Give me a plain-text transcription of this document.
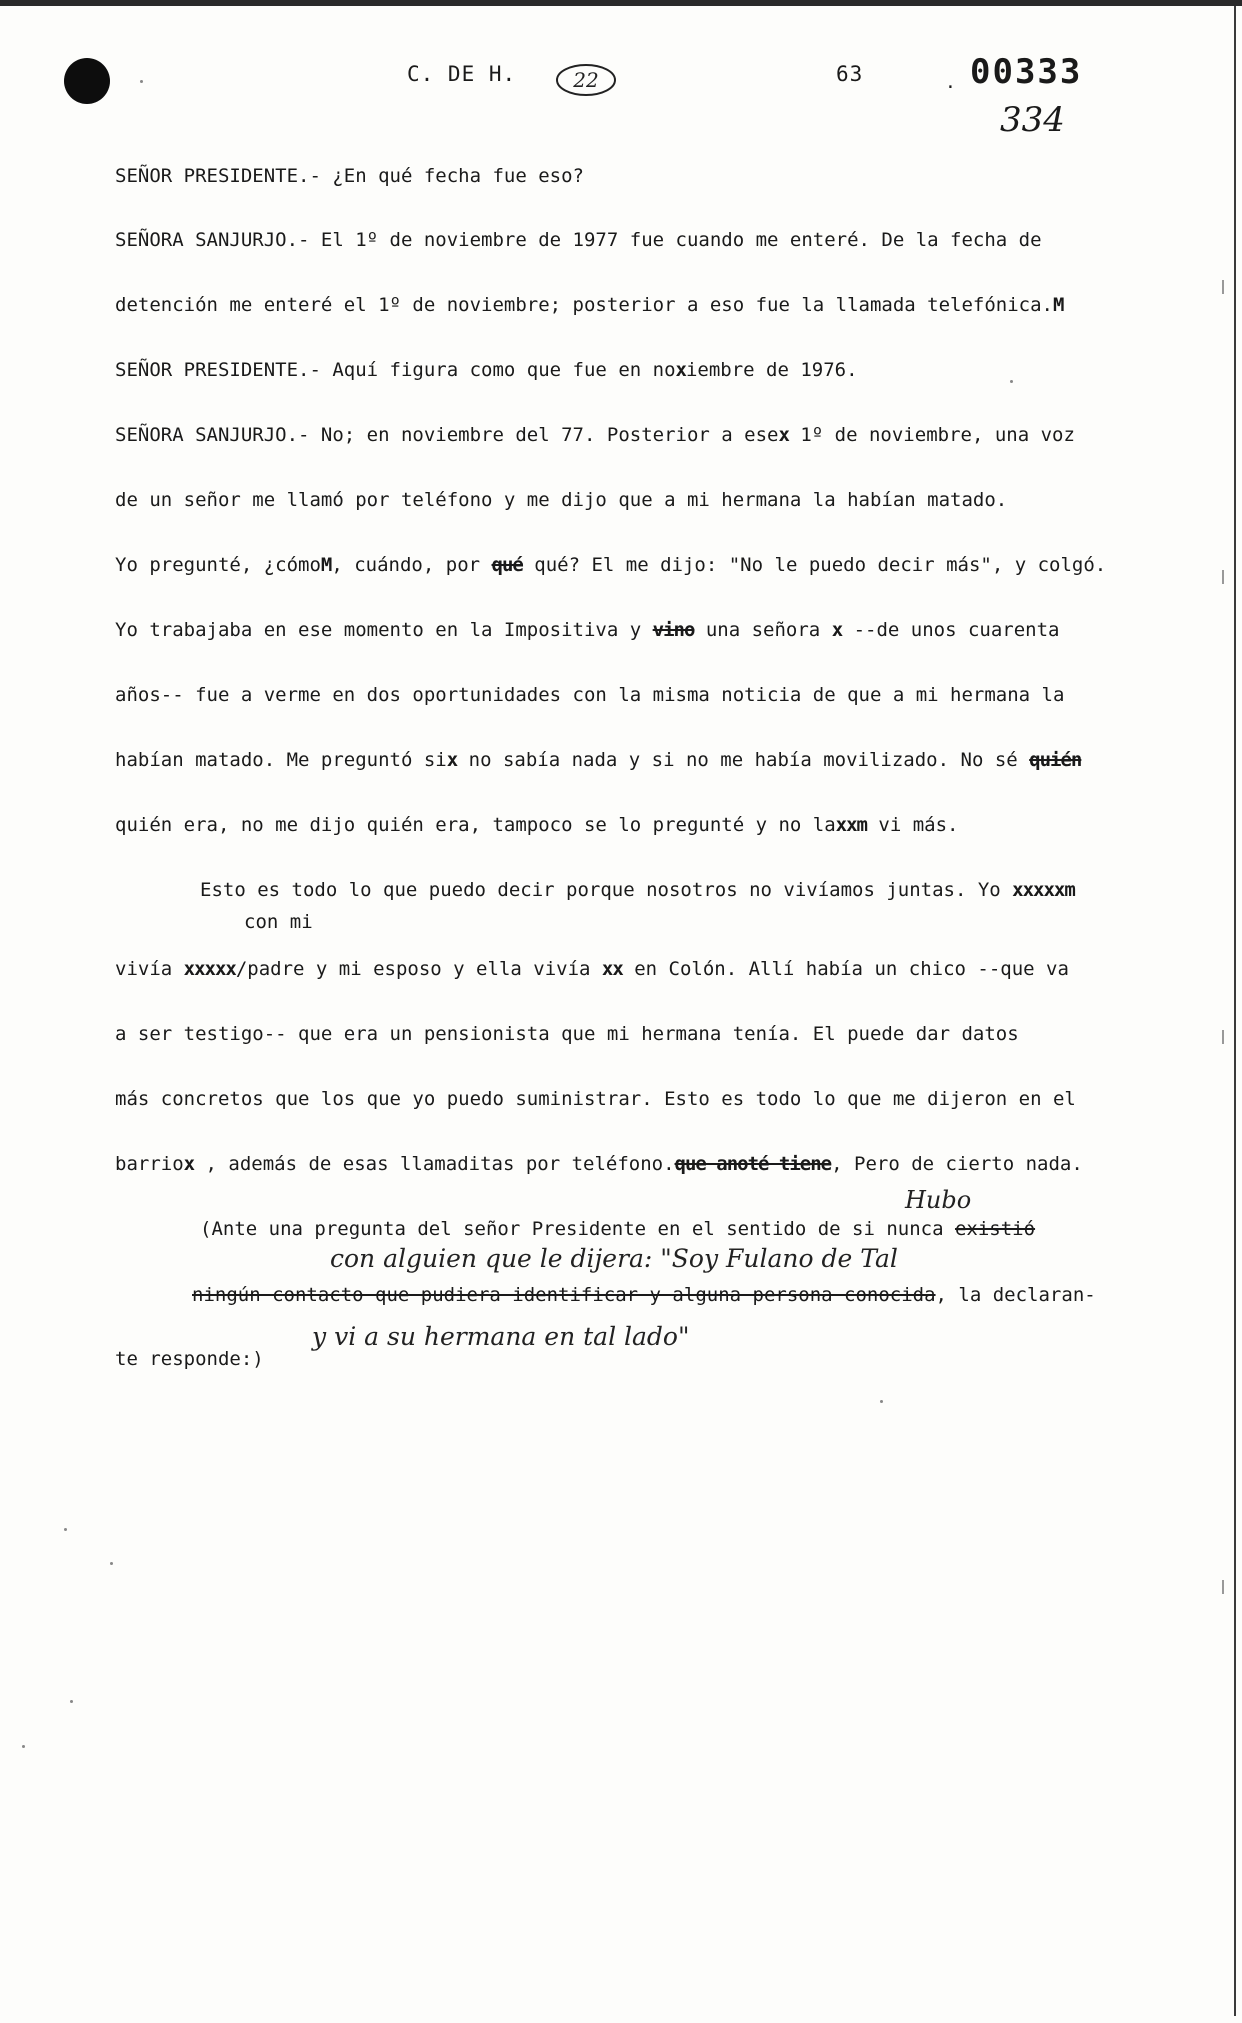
C. DE H.	22	63	. 00333
334
SEÑOR PRESIDENTE.- ¿En qué fecha fue eso?
SEÑORA SANJURJO.- El 1º de noviembre de 1977 fue cuando me enteré. De la fecha de
detención me enteré el 1º de noviembre; posterior a eso fue la llamada telefónica.M
SEÑOR PRESIDENTE.- Aquí figura como que fue en noxiembre de 1976.
SEÑORA SANJURJO.- No; en noviembre del 77. Posterior a esex 1º de noviembre, una voz
de un señor me llamó por teléfono y me dijo que a mi hermana la habían matado.
Yo pregunté, ¿cómoM, cuándo, por qué qué? El me dijo: "No le puedo decir más", y colgó.
Yo trabajaba en ese momento en la Impositiva y vino una señora x --de unos cuarenta
años-- fue a verme en dos oportunidades con la misma noticia de que a mi hermana la
habían matado. Me preguntó six no sabía nada y si no me había movilizado. No sé quién
quién era, no me dijo quién era, tampoco se lo pregunté y no laxxm vi más.
Esto es todo lo que puedo decir porque nosotros no vivíamos juntas. Yo xxxxxm
con mi
vivía xxxxx/padre y mi esposo y ella vivía xx en Colón. Allí había un chico --que va
a ser testigo-- que era un pensionista que mi hermana tenía. El puede dar datos
más concretos que los que yo puedo suministrar. Esto es todo lo que me dijeron en el
barriox , además de esas llamaditas por teléfono.que anoté tiene, Pero de cierto nada.
Hubo
(Ante una pregunta del señor Presidente en el sentido de si nunca existió
con alguien que le dijera: "Soy Fulano de Tal
ningún contacto que pudiera identificar y alguna persona conocida, la declaran-
y vi a su hermana en tal lado"
te responde:)
